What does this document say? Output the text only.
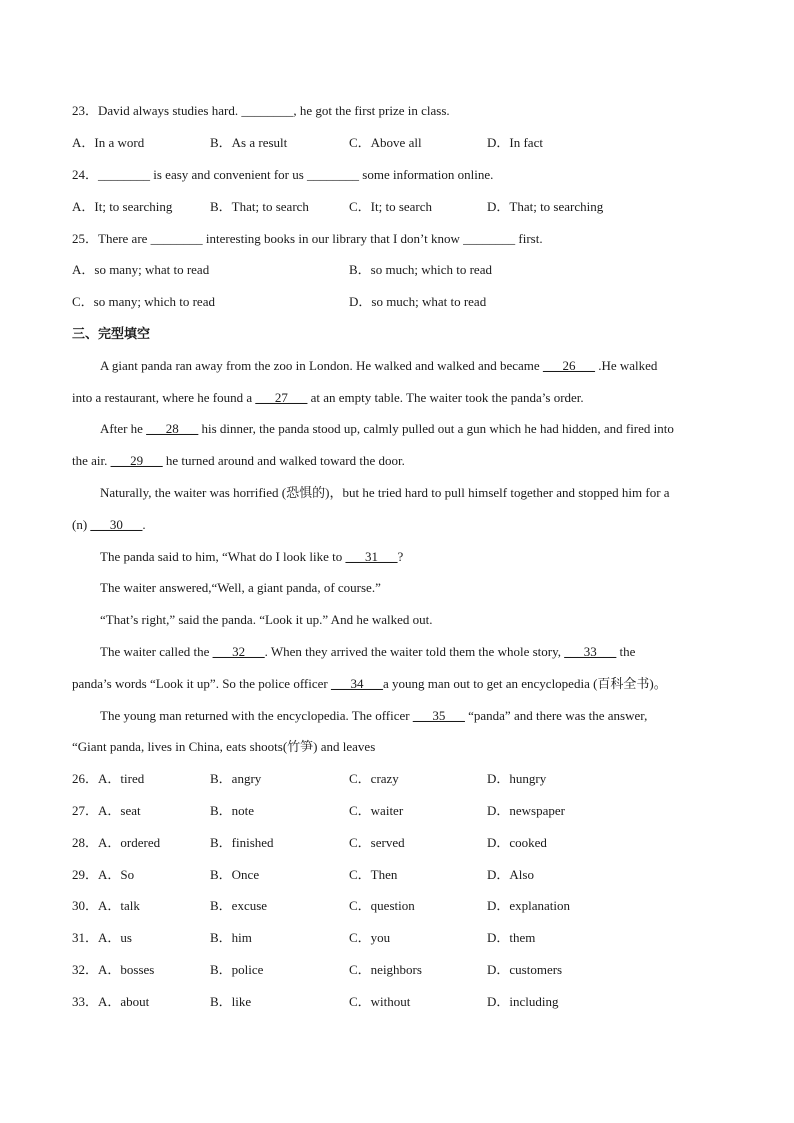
23．David always studies hard. ________, he got the first prize in class.
A．In a word	B．As a result	C．Above all	D．In fact
24．________ is easy and convenient for us ________ some information online.
A．It; to searching	B．That; to search	C．It; to search	D．That; to searching
25．There are ________ interesting books in our library that I don’t know ________ first.
A．so many; what to read	B．so much; which to read
C．so many; which to read	D．so much; what to read
三、完型填空
A giant panda ran away from the zoo in London. He walked and walked and became ___26___ .He walked
into a restaurant, where he found a ___27___ at an empty table. The waiter took the panda’s order.
After he ___28___ his dinner, the panda stood up, calmly pulled out a gun which he had hidden, and fired into
the air. ___29___ he turned around and walked toward the door.
Naturally, the waiter was horrified (恐惧的)，but he tried hard to pull himself together and stopped him for a
(n) ___30___.
The panda said to him, “What do I look like to ___31___?
The waiter answered,“Well, a giant panda, of course.”
“That’s right,” said the panda. “Look it up.” And he walked out.
The waiter called the ___32___. When they arrived the waiter told them the whole story, ___33___ the
panda’s words “Look it up”. So the police officer ___34___a young man out to get an encyclopedia (百科全书)。
The young man returned with the encyclopedia. The officer ___35___ “panda” and there was the answer,
“Giant panda, lives in China, eats shoots(竹笋) and leaves
26． A．tired	B．angry	C．crazy	D．hungry
27． A．seat	B．note	C．waiter	D．newspaper
28． A．ordered	B．finished	C．served	D．cooked
29． A．So	B．Once	C．Then	D．Also
30． A．talk	B．excuse	C．question	D．explanation
31． A．us	B．him	C．you	D．them
32． A．bosses	B．police	C．neighbors	D．customers
33． A．about	B．like	C．without	D．including
